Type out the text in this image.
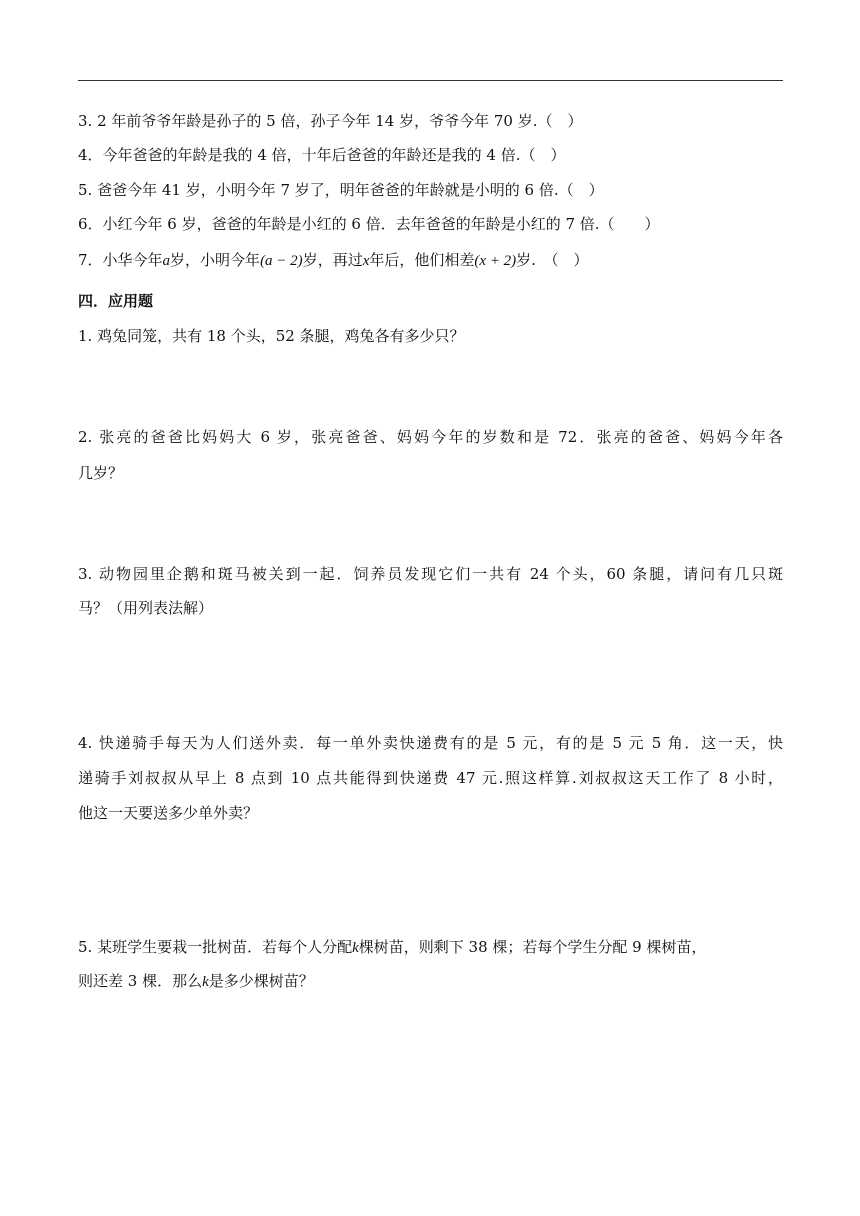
3. 2 年前爷爷年龄是孙子的 5 倍，孙子今年 14 岁，爷爷今年 70 岁.（　）
4．今年爸爸的年龄是我的 4 倍，十年后爸爸的年龄还是我的 4 倍.（　）
5. 爸爸今年 41 岁，小明今年 7 岁了，明年爸爸的年龄就是小明的 6 倍.（　）
6．小红今年 6 岁，爸爸的年龄是小红的 6 倍．去年爸爸的年龄是小红的 7 倍.（　　）
7．小华今年a岁，小明今年(a − 2)岁，再过x年后，他们相差(x + 2)岁.　（　）
四．应用题
1. 鸡兔同笼，共有 18 个头，52 条腿，鸡兔各有多少只？
2. 张亮的爸爸比妈妈大 6 岁，张亮爸爸、妈妈今年的岁数和是 72．张亮的爸爸、妈妈今年各
几岁？
3. 动物园里企鹅和斑马被关到一起．饲养员发现它们一共有 24 个头，60 条腿，请问有几只斑
马？（用列表法解）
4. 快递骑手每天为人们送外卖．每一单外卖快递费有的是 5 元，有的是 5 元 5 角．这一天，快
递骑手刘叔叔从早上 8 点到 10 点共能得到快递费 47 元.照这样算.刘叔叔这天工作了 8 小时，
他这一天要送多少单外卖？
5. 某班学生要栽一批树苗．若每个人分配k棵树苗，则剩下 38 棵；若每个学生分配 9 棵树苗，
则还差 3 棵．那么k是多少棵树苗？
